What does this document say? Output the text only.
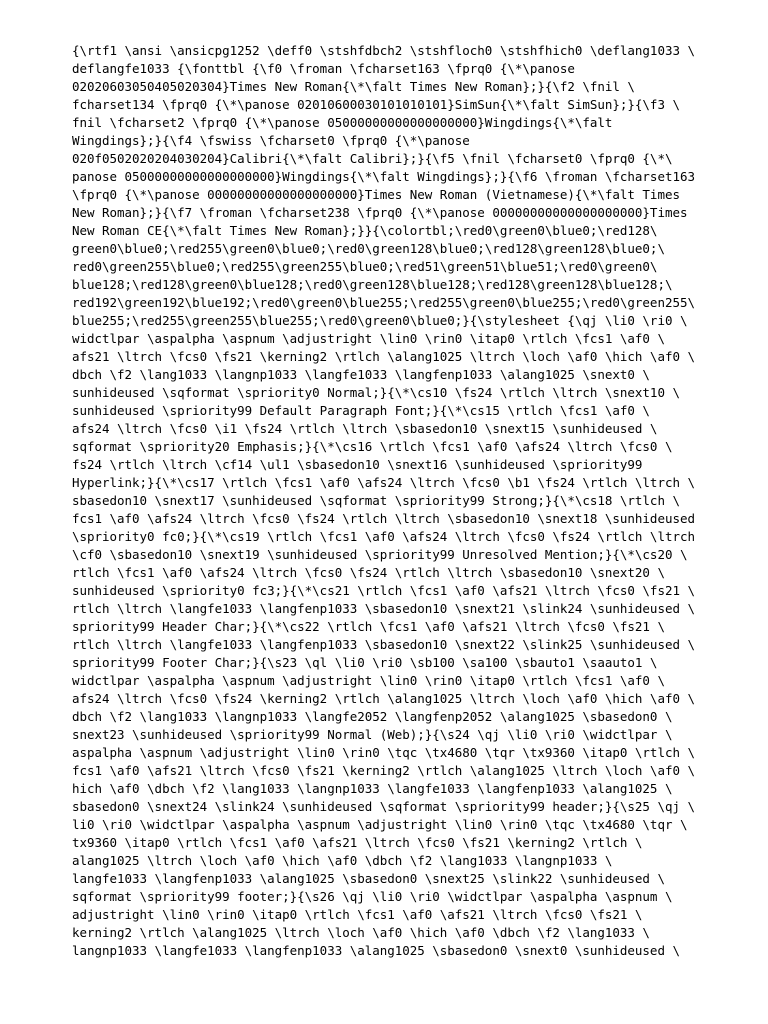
{\rtf1 \ansi \ansicpg1252 \deff0 \stshfdbch2 \stshfloch0 \stshfhich0 \deflang1033 \
deflangfe1033 {\fonttbl {\f0 \froman \fcharset163 \fprq0 {\*\panose
02020603050405020304}Times New Roman{\*\falt Times New Roman};}{\f2 \fnil \
fcharset134 \fprq0 {\*\panose 02010600030101010101}SimSun{\*\falt SimSun};}{\f3 \
fnil \fcharset2 \fprq0 {\*\panose 05000000000000000000}Wingdings{\*\falt
Wingdings};}{\f4 \fswiss \fcharset0 \fprq0 {\*\panose
020f0502020204030204}Calibri{\*\falt Calibri};}{\f5 \fnil \fcharset0 \fprq0 {\*\
panose 05000000000000000000}Wingdings{\*\falt Wingdings};}{\f6 \froman \fcharset163
\fprq0 {\*\panose 00000000000000000000}Times New Roman (Vietnamese){\*\falt Times
New Roman};}{\f7 \froman \fcharset238 \fprq0 {\*\panose 00000000000000000000}Times
New Roman CE{\*\falt Times New Roman};}}{\colortbl;\red0\green0\blue0;\red128\
green0\blue0;\red255\green0\blue0;\red0\green128\blue0;\red128\green128\blue0;\
red0\green255\blue0;\red255\green255\blue0;\red51\green51\blue51;\red0\green0\
blue128;\red128\green0\blue128;\red0\green128\blue128;\red128\green128\blue128;\
red192\green192\blue192;\red0\green0\blue255;\red255\green0\blue255;\red0\green255\
blue255;\red255\green255\blue255;\red0\green0\blue0;}{\stylesheet {\qj \li0 \ri0 \
widctlpar \aspalpha \aspnum \adjustright \lin0 \rin0 \itap0 \rtlch \fcs1 \af0 \
afs21 \ltrch \fcs0 \fs21 \kerning2 \rtlch \alang1025 \ltrch \loch \af0 \hich \af0 \
dbch \f2 \lang1033 \langnp1033 \langfe1033 \langfenp1033 \alang1025 \snext0 \
sunhideused \sqformat \spriority0 Normal;}{\*\cs10 \fs24 \rtlch \ltrch \snext10 \
sunhideused \spriority99 Default Paragraph Font;}{\*\cs15 \rtlch \fcs1 \af0 \
afs24 \ltrch \fcs0 \i1 \fs24 \rtlch \ltrch \sbasedon10 \snext15 \sunhideused \
sqformat \spriority20 Emphasis;}{\*\cs16 \rtlch \fcs1 \af0 \afs24 \ltrch \fcs0 \
fs24 \rtlch \ltrch \cf14 \ul1 \sbasedon10 \snext16 \sunhideused \spriority99
Hyperlink;}{\*\cs17 \rtlch \fcs1 \af0 \afs24 \ltrch \fcs0 \b1 \fs24 \rtlch \ltrch \
sbasedon10 \snext17 \sunhideused \sqformat \spriority99 Strong;}{\*\cs18 \rtlch \
fcs1 \af0 \afs24 \ltrch \fcs0 \fs24 \rtlch \ltrch \sbasedon10 \snext18 \sunhideused
\spriority0 fc0;}{\*\cs19 \rtlch \fcs1 \af0 \afs24 \ltrch \fcs0 \fs24 \rtlch \ltrch
\cf0 \sbasedon10 \snext19 \sunhideused \spriority99 Unresolved Mention;}{\*\cs20 \
rtlch \fcs1 \af0 \afs24 \ltrch \fcs0 \fs24 \rtlch \ltrch \sbasedon10 \snext20 \
sunhideused \spriority0 fc3;}{\*\cs21 \rtlch \fcs1 \af0 \afs21 \ltrch \fcs0 \fs21 \
rtlch \ltrch \langfe1033 \langfenp1033 \sbasedon10 \snext21 \slink24 \sunhideused \
spriority99 Header Char;}{\*\cs22 \rtlch \fcs1 \af0 \afs21 \ltrch \fcs0 \fs21 \
rtlch \ltrch \langfe1033 \langfenp1033 \sbasedon10 \snext22 \slink25 \sunhideused \
spriority99 Footer Char;}{\s23 \ql \li0 \ri0 \sb100 \sa100 \sbauto1 \saauto1 \
widctlpar \aspalpha \aspnum \adjustright \lin0 \rin0 \itap0 \rtlch \fcs1 \af0 \
afs24 \ltrch \fcs0 \fs24 \kerning2 \rtlch \alang1025 \ltrch \loch \af0 \hich \af0 \
dbch \f2 \lang1033 \langnp1033 \langfe2052 \langfenp2052 \alang1025 \sbasedon0 \
snext23 \sunhideused \spriority99 Normal (Web);}{\s24 \qj \li0 \ri0 \widctlpar \
aspalpha \aspnum \adjustright \lin0 \rin0 \tqc \tx4680 \tqr \tx9360 \itap0 \rtlch \
fcs1 \af0 \afs21 \ltrch \fcs0 \fs21 \kerning2 \rtlch \alang1025 \ltrch \loch \af0 \
hich \af0 \dbch \f2 \lang1033 \langnp1033 \langfe1033 \langfenp1033 \alang1025 \
sbasedon0 \snext24 \slink24 \sunhideused \sqformat \spriority99 header;}{\s25 \qj \
li0 \ri0 \widctlpar \aspalpha \aspnum \adjustright \lin0 \rin0 \tqc \tx4680 \tqr \
tx9360 \itap0 \rtlch \fcs1 \af0 \afs21 \ltrch \fcs0 \fs21 \kerning2 \rtlch \
alang1025 \ltrch \loch \af0 \hich \af0 \dbch \f2 \lang1033 \langnp1033 \
langfe1033 \langfenp1033 \alang1025 \sbasedon0 \snext25 \slink22 \sunhideused \
sqformat \spriority99 footer;}{\s26 \qj \li0 \ri0 \widctlpar \aspalpha \aspnum \
adjustright \lin0 \rin0 \itap0 \rtlch \fcs1 \af0 \afs21 \ltrch \fcs0 \fs21 \
kerning2 \rtlch \alang1025 \ltrch \loch \af0 \hich \af0 \dbch \f2 \lang1033 \
langnp1033 \langfe1033 \langfenp1033 \alang1025 \sbasedon0 \snext0 \sunhideused \
